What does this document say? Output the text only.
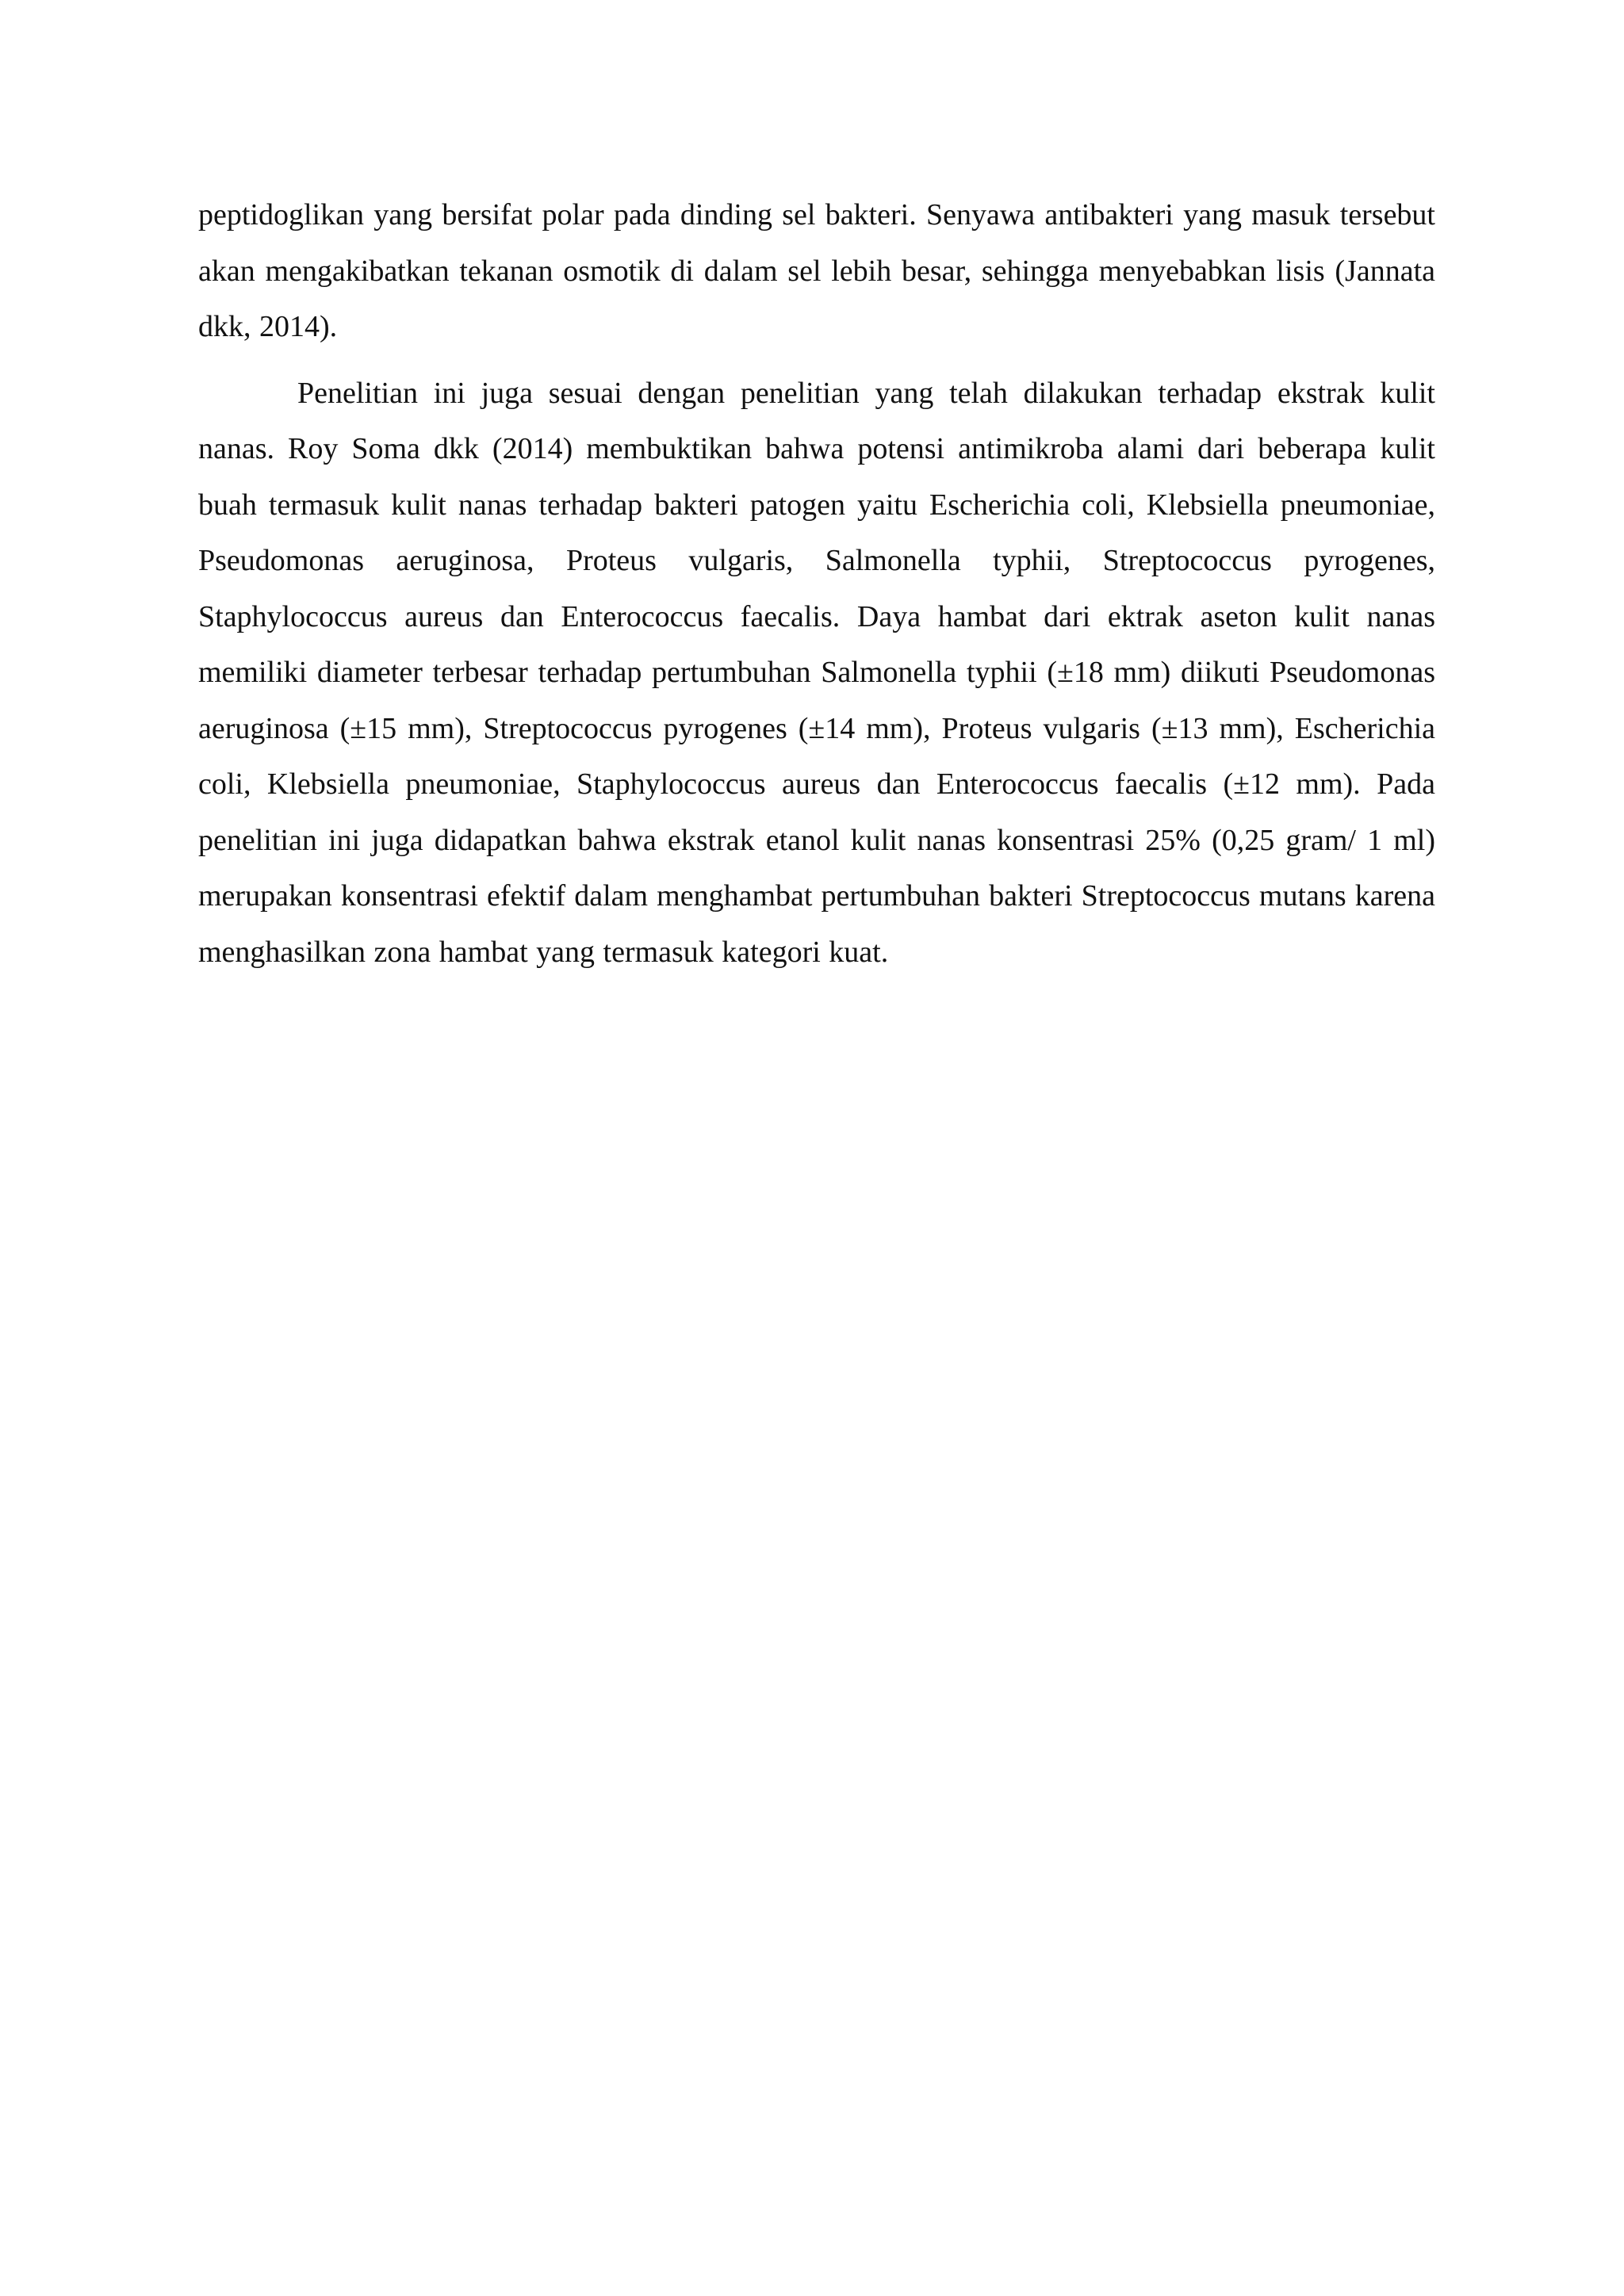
peptidoglikan yang bersifat polar pada dinding sel bakteri. Senyawa antibakteri yang masuk tersebut akan mengakibatkan tekanan osmotik di dalam sel lebih besar, sehingga menyebabkan lisis (Jannata dkk, 2014).

Penelitian ini juga sesuai dengan penelitian yang telah dilakukan terhadap ekstrak kulit nanas. Roy Soma dkk (2014) membuktikan bahwa potensi antimikroba alami dari beberapa kulit buah termasuk kulit nanas terhadap bakteri patogen yaitu Escherichia coli, Klebsiella pneumoniae, Pseudomonas aeruginosa, Proteus vulgaris, Salmonella typhii, Streptococcus pyrogenes, Staphylococcus aureus dan Enterococcus faecalis. Daya hambat dari ektrak aseton kulit nanas memiliki diameter terbesar terhadap pertumbuhan Salmonella typhii (±18 mm) diikuti Pseudomonas aeruginosa (±15 mm), Streptococcus pyrogenes (±14 mm), Proteus vulgaris (±13 mm), Escherichia coli, Klebsiella pneumoniae, Staphylococcus aureus dan Enterococcus faecalis (±12 mm). Pada penelitian ini juga didapatkan bahwa ekstrak etanol kulit nanas konsentrasi 25% (0,25 gram/ 1 ml) merupakan konsentrasi efektif dalam menghambat pertumbuhan bakteri Streptococcus mutans karena menghasilkan zona hambat yang termasuk kategori kuat.
